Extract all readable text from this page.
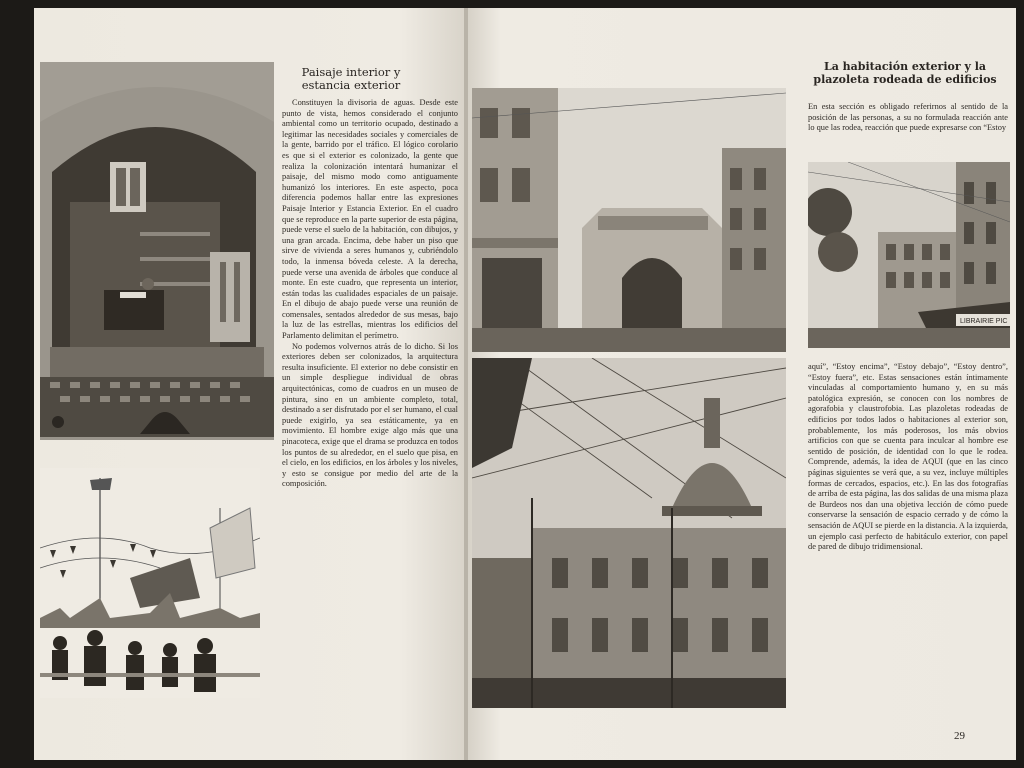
Paisaje interior y estancia exterior

Constituyen la divisoria de aguas. Desde este punto de vista, hemos considerado el conjunto ambiental como un territorio ocupado, destinado a legitimar las necesidades sociales y comerciales de la gente, barrido por el tráfico. El lógico corolario es que si el exterior es colonizado, la gente que realiza la colonización intentará humanizar el paisaje, del mismo modo como antiguamente humanizó los interiores. En este aspecto, poca diferencia podemos hallar entre las expresiones Paisaje Interior y Estancia Exterior. En el cuadro que se reproduce en la parte superior de esta página, puede verse el suelo de la habitación, con dibujos, y una gran arcada. Encima, debe haber un piso que sirve de vivienda a seres humanos y, cubriéndolo todo, la inmensa bóveda celeste. A la derecha, puede verse una avenida de árboles que conduce al monte. En este cuadro, que representa un interior, están todas las cualidades espaciales de un paisaje. En el dibujo de abajo puede verse una reunión de comensales, sentados alrededor de sus mesas, bajo la luz de las estrellas, mientras los edificios del Parlamento delimitan el perímetro.

No podemos volvernos atrás de lo dicho. Si los exteriores deben ser colonizados, la arquitectura resulta insuficiente. El exterior no debe consistir en un simple despliegue individual de obras arquitectónicas, como de cuadros en un museo de pintura, sino en un ambiente completo, total, destinado a ser disfrutado por el ser humano, el cual puede exigirlo, ya sea estáticamente, ya en movimiento. El hombre exige algo más que una pinacoteca, exige que el drama se produzca en todos los puntos de su alrededor, en el suelo que pisa, en el cielo, en los edificios, en los árboles y los niveles, y esto se consigue por medio del arte de la composición.

LIBRAIRIE PIC
La habitación exterior y la plazoleta rodeada de edificios

En esta sección es obligado referirnos al sentido de la posición de las personas, a su no formulada reacción ante lo que las rodea, reacción que puede expresarse con “Estoy

aquí”, “Estoy encima”, “Estoy debajo”, “Estoy dentro”, “Estoy fuera”, etc. Estas sensaciones están íntimamente vinculadas al comportamiento humano y, en su más patológica expresión, se conocen con los nombres de agorafobia y claustrofobia. Las plazoletas rodeadas de edificios por todos lados o habitaciones al exterior son, probablemente, los más poderosos, los más obvios artificios con que se cuenta para inculcar al hombre ese sentido de posición, de identidad con lo que le rodea. Comprende, además, la idea de AQUI (que en las cinco páginas siguientes se verá que, a su vez, incluye múltiples formas de cercados, espacios, etc.). En las dos fotografías de arriba de esta página, las dos salidas de una misma plaza de Burdeos nos dan una objetiva lección de cómo puede conservarse la sensación de espacio cerrado y de cómo la sensación de AQUI se pierde en la distancia. A la izquierda, un ejemplo casi perfecto de habitáculo exterior, con papel de pared de dibujo tridimensional.

29
